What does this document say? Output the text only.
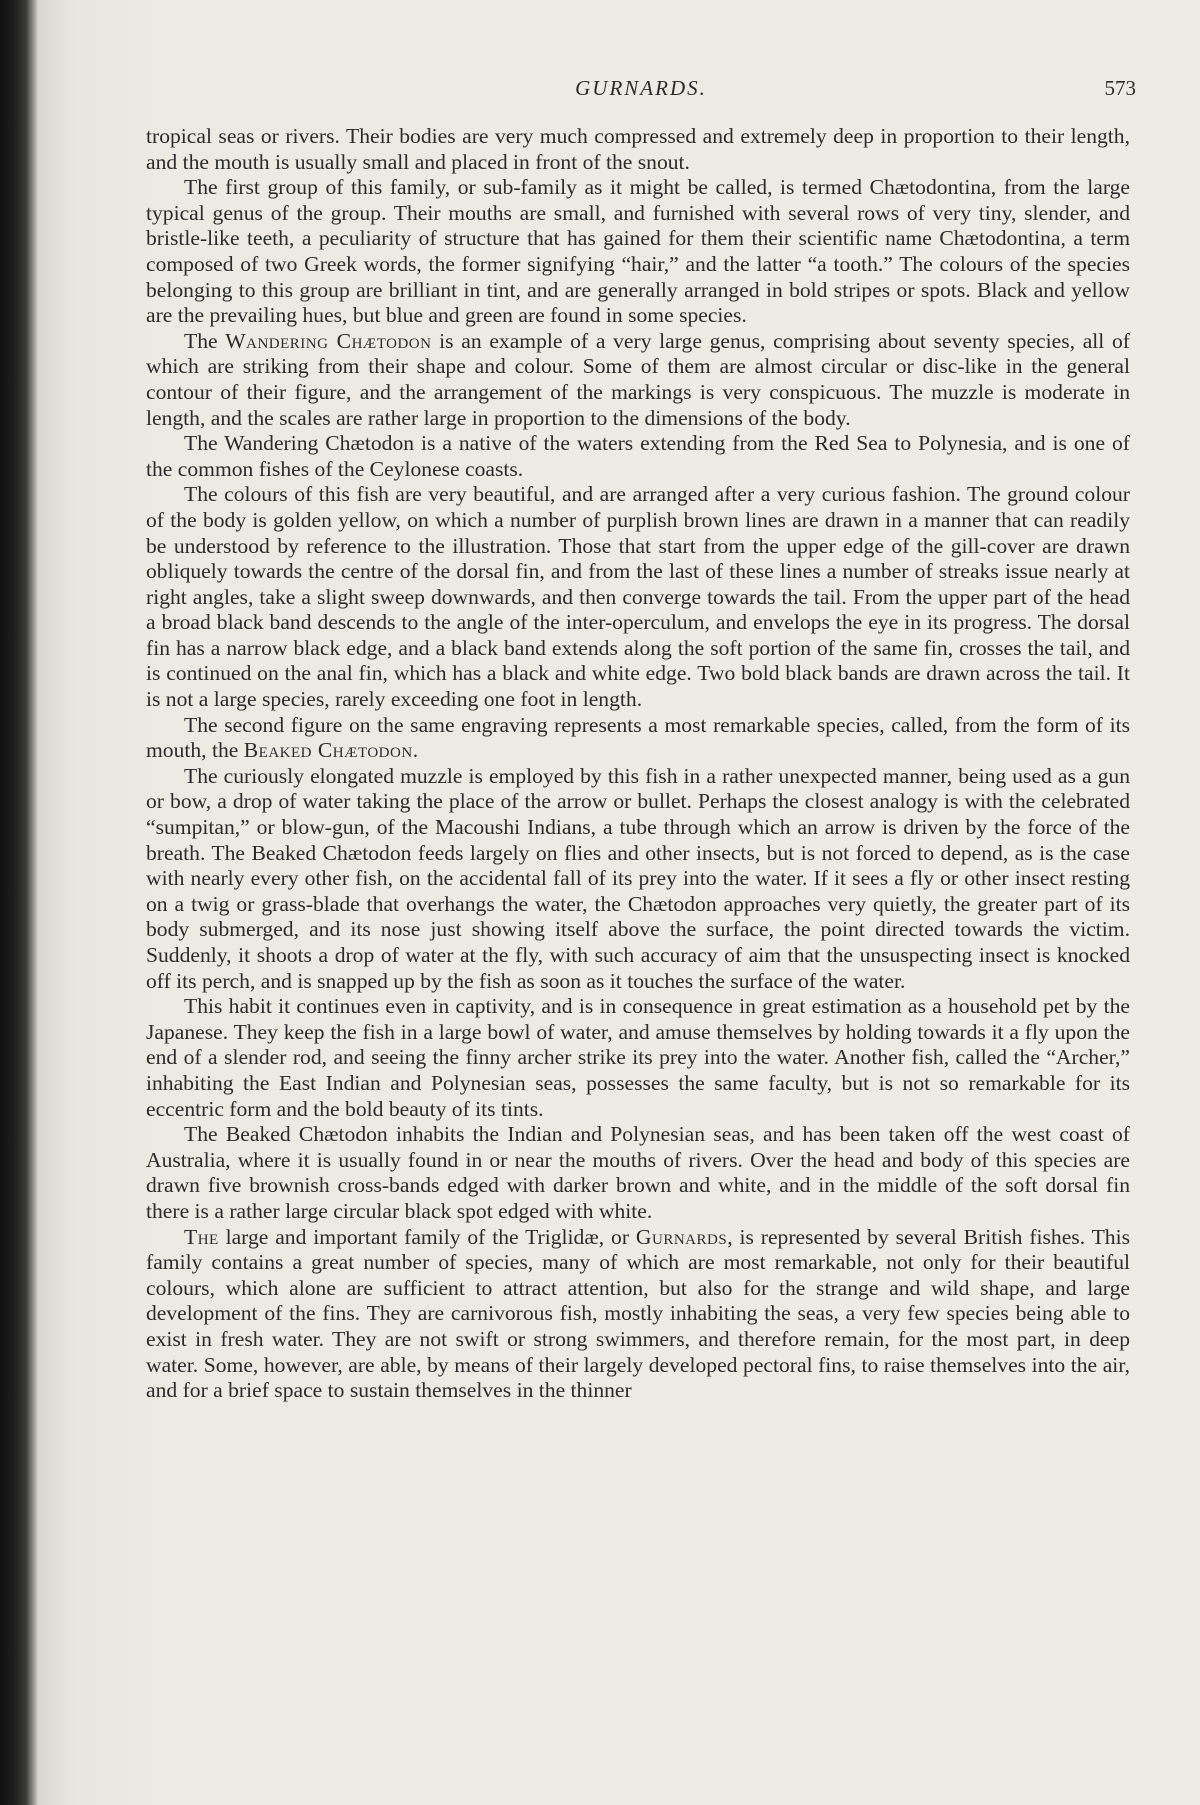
GURNARDS.	573

tropical seas or rivers. Their bodies are very much compressed and extremely deep in proportion to their length, and the mouth is usually small and placed in front of the snout.

The first group of this family, or sub-family as it might be called, is termed Chætodontina, from the large typical genus of the group. Their mouths are small, and furnished with several rows of very tiny, slender, and bristle-like teeth, a peculiarity of structure that has gained for them their scientific name Chætodontina, a term composed of two Greek words, the former signifying “hair,” and the latter “a tooth.” The colours of the species belonging to this group are brilliant in tint, and are generally arranged in bold stripes or spots. Black and yellow are the prevailing hues, but blue and green are found in some species.

The Wandering Chætodon is an example of a very large genus, comprising about seventy species, all of which are striking from their shape and colour. Some of them are almost circular or disc-like in the general contour of their figure, and the arrangement of the markings is very conspicuous. The muzzle is moderate in length, and the scales are rather large in proportion to the dimensions of the body.

The Wandering Chætodon is a native of the waters extending from the Red Sea to Polynesia, and is one of the common fishes of the Ceylonese coasts.

The colours of this fish are very beautiful, and are arranged after a very curious fashion. The ground colour of the body is golden yellow, on which a number of purplish brown lines are drawn in a manner that can readily be understood by reference to the illustration. Those that start from the upper edge of the gill-cover are drawn obliquely towards the centre of the dorsal fin, and from the last of these lines a number of streaks issue nearly at right angles, take a slight sweep downwards, and then converge towards the tail. From the upper part of the head a broad black band descends to the angle of the inter-operculum, and envelops the eye in its progress. The dorsal fin has a narrow black edge, and a black band extends along the soft portion of the same fin, crosses the tail, and is continued on the anal fin, which has a black and white edge. Two bold black bands are drawn across the tail. It is not a large species, rarely exceeding one foot in length.

The second figure on the same engraving represents a most remarkable species, called, from the form of its mouth, the Beaked Chætodon.

The curiously elongated muzzle is employed by this fish in a rather unexpected manner, being used as a gun or bow, a drop of water taking the place of the arrow or bullet. Perhaps the closest analogy is with the celebrated “sumpitan,” or blow-gun, of the Macoushi Indians, a tube through which an arrow is driven by the force of the breath. The Beaked Chætodon feeds largely on flies and other insects, but is not forced to depend, as is the case with nearly every other fish, on the accidental fall of its prey into the water. If it sees a fly or other insect resting on a twig or grass-blade that overhangs the water, the Chætodon approaches very quietly, the greater part of its body submerged, and its nose just showing itself above the surface, the point directed towards the victim. Suddenly, it shoots a drop of water at the fly, with such accuracy of aim that the unsuspecting insect is knocked off its perch, and is snapped up by the fish as soon as it touches the surface of the water.

This habit it continues even in captivity, and is in consequence in great estimation as a household pet by the Japanese. They keep the fish in a large bowl of water, and amuse themselves by holding towards it a fly upon the end of a slender rod, and seeing the finny archer strike its prey into the water. Another fish, called the “Archer,” inhabiting the East Indian and Polynesian seas, possesses the same faculty, but is not so remarkable for its eccentric form and the bold beauty of its tints.

The Beaked Chætodon inhabits the Indian and Polynesian seas, and has been taken off the west coast of Australia, where it is usually found in or near the mouths of rivers. Over the head and body of this species are drawn five brownish cross-bands edged with darker brown and white, and in the middle of the soft dorsal fin there is a rather large circular black spot edged with white.

The large and important family of the Triglidæ, or Gurnards, is represented by several British fishes. This family contains a great number of species, many of which are most remarkable, not only for their beautiful colours, which alone are sufficient to attract attention, but also for the strange and wild shape, and large development of the fins. They are carnivorous fish, mostly inhabiting the seas, a very few species being able to exist in fresh water. They are not swift or strong swimmers, and therefore remain, for the most part, in deep water. Some, however, are able, by means of their largely developed pectoral fins, to raise themselves into the air, and for a brief space to sustain themselves in the thinner
